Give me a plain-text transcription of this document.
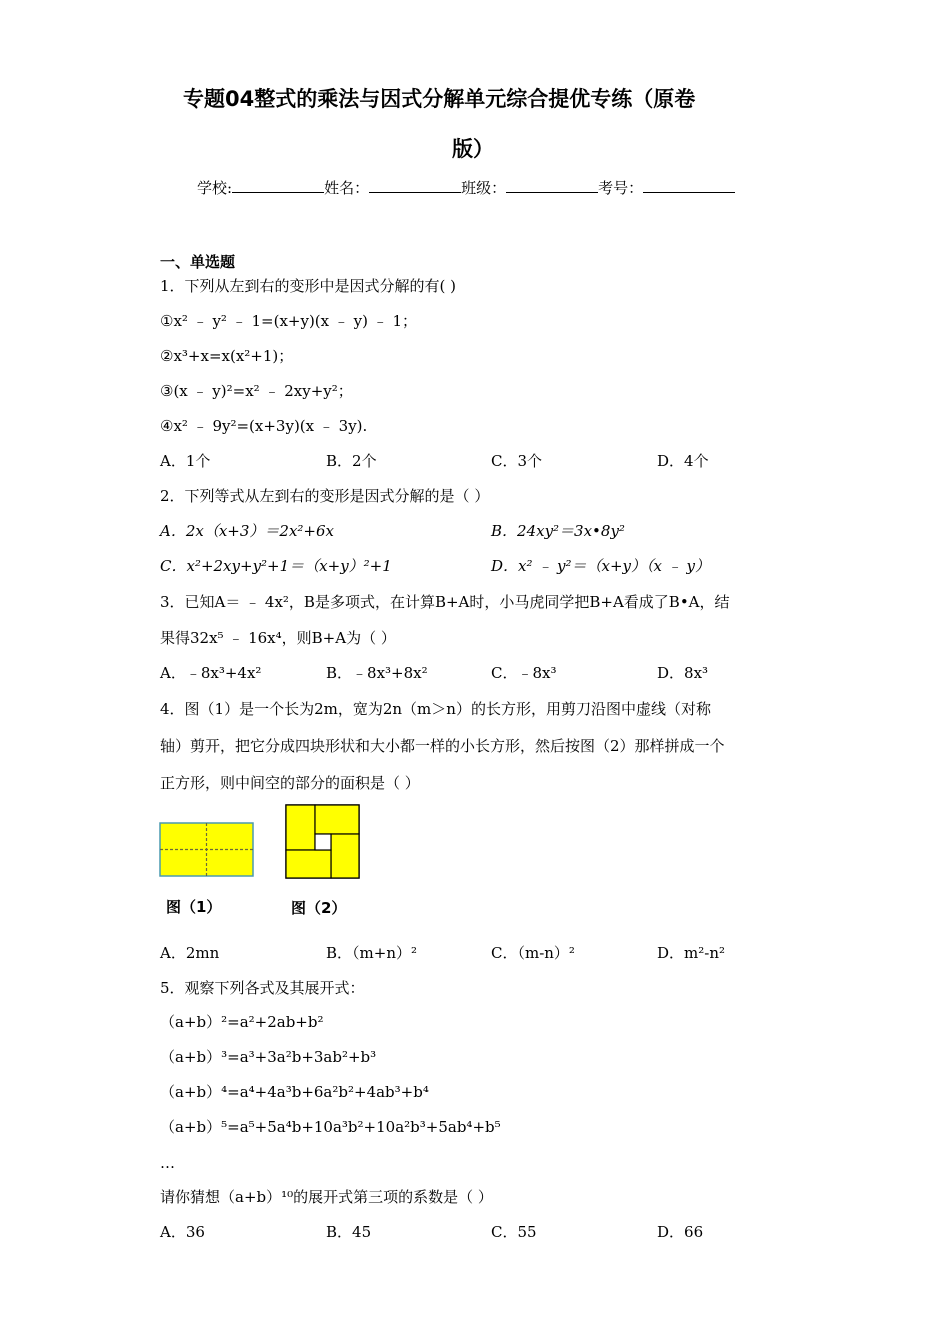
专题04整式的乘法与因式分解单元综合提优专练（原卷
版）
学校:	姓名：	班级：	考号：
一、单选题
1．下列从左到右的变形中是因式分解的有( )
①x² ﹣ y² ﹣ 1=(x+y)(x ﹣ y) ﹣ 1；
②x³+x=x(x²+1)；
③(x ﹣ y)²=x² ﹣ 2xy+y²；
④x² ﹣ 9y²=(x+3y)(x ﹣ 3y).
A．1个	B．2个	C．3个	D．4个
2．下列等式从左到右的变形是因式分解的是（ ）
A．2x（x+3）＝2x²+6x	B．24xy²＝3x•8y²
C．x²+2xy+y²+1＝（x+y）²+1	D．x² ﹣ y²＝（x+y）（x ﹣ y）
3．已知A＝ ﹣ 4x²，B是多项式，在计算B+A时，小马虎同学把B+A看成了B•A，结
果得32x⁵ ﹣ 16x⁴，则B+A为（ ）
A．﹣8x³+4x²	B．﹣8x³+8x²	C．﹣8x³	D．8x³
4．图（1）是一个长为2m，宽为2n（m＞n）的长方形，用剪刀沿图中虚线（对称
轴）剪开，把它分成四块形状和大小都一样的小长方形，然后按图（2）那样拼成一个
正方形，则中间空的部分的面积是（ ）
图（1）	图（2）
A．2mn	B．（m+n）²	C．（m-n）²	D．m²-n²
5．观察下列各式及其展开式：
（a+b）²=a²+2ab+b²
（a+b）³=a³+3a²b+3ab²+b³
（a+b）⁴=a⁴+4a³b+6a²b²+4ab³+b⁴
（a+b）⁵=a⁵+5a⁴b+10a³b²+10a²b³+5ab⁴+b⁵
…
请你猜想（a+b）¹⁰的展开式第三项的系数是（ ）
A．36	B．45	C．55	D．66
